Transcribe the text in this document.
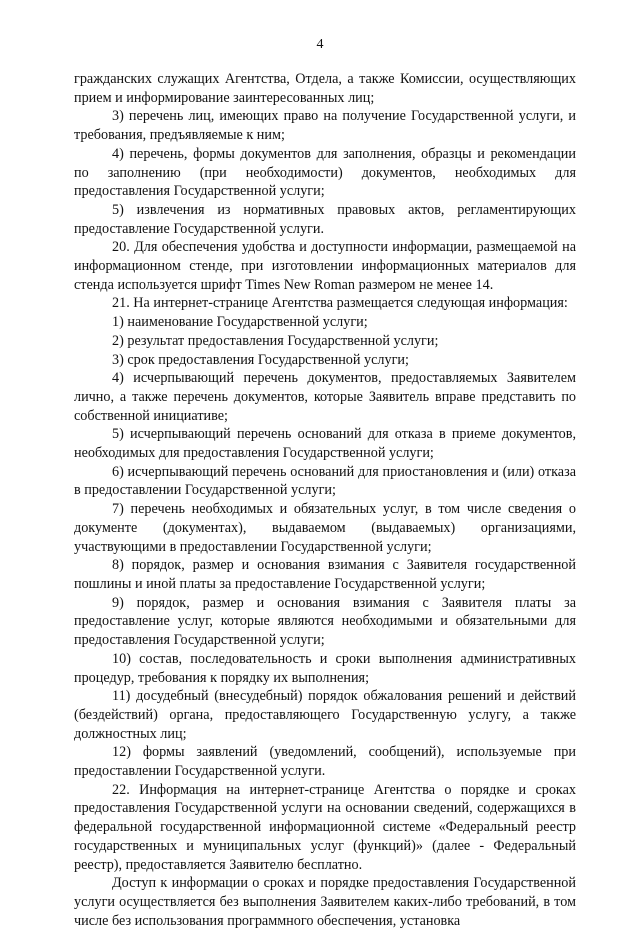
4

гражданских служащих Агентства, Отдела, а также Комиссии, осуществляющих прием и информирование заинтересованных лиц;

3) перечень лиц, имеющих право на получение Государственной услуги, и требования, предъявляемые к ним;

4) перечень, формы документов для заполнения, образцы и рекомендации по заполнению (при необходимости) документов, необходимых для предоставления Государственной услуги;

5) извлечения из нормативных правовых актов, регламентирующих предоставление Государственной услуги.

20. Для обеспечения удобства и доступности информации, размещаемой на информационном стенде, при изготовлении информационных материалов для стенда используется шрифт Times New Roman размером не менее 14.

21. На интернет-странице Агентства размещается следующая информация:

1) наименование Государственной услуги;

2) результат предоставления Государственной услуги;

3) срок предоставления Государственной услуги;

4) исчерпывающий перечень документов, предоставляемых Заявителем лично, а также перечень документов, которые Заявитель вправе представить по собственной инициативе;

5) исчерпывающий перечень оснований для отказа в приеме документов, необходимых для предоставления Государственной услуги;

6) исчерпывающий перечень оснований для приостановления и (или) отказа в предоставлении Государственной услуги;

7) перечень необходимых и обязательных услуг, в том числе сведения о документе (документах), выдаваемом (выдаваемых) организациями, участвующими в предоставлении Государственной услуги;

8) порядок, размер и основания взимания с Заявителя государственной пошлины и иной платы за предоставление Государственной услуги;

9) порядок, размер и основания взимания с Заявителя платы за предоставление услуг, которые являются необходимыми и обязательными для предоставления Государственной услуги;

10) состав, последовательность и сроки выполнения административных процедур, требования к порядку их выполнения;

11) досудебный (внесудебный) порядок обжалования решений и действий (бездействий) органа, предоставляющего Государственную услугу, а также должностных лиц;

12) формы заявлений (уведомлений, сообщений), используемые при предоставлении Государственной услуги.

22. Информация на интернет-странице Агентства о порядке и сроках предоставления Государственной услуги на основании сведений, содержащихся в федеральной государственной информационной системе «Федеральный реестр государственных и муниципальных услуг (функций)» (далее - Федеральный реестр), предоставляется Заявителю бесплатно.

Доступ к информации о сроках и порядке предоставления Государственной услуги осуществляется без выполнения Заявителем каких-либо требований, в том числе без использования программного обеспечения, установка
